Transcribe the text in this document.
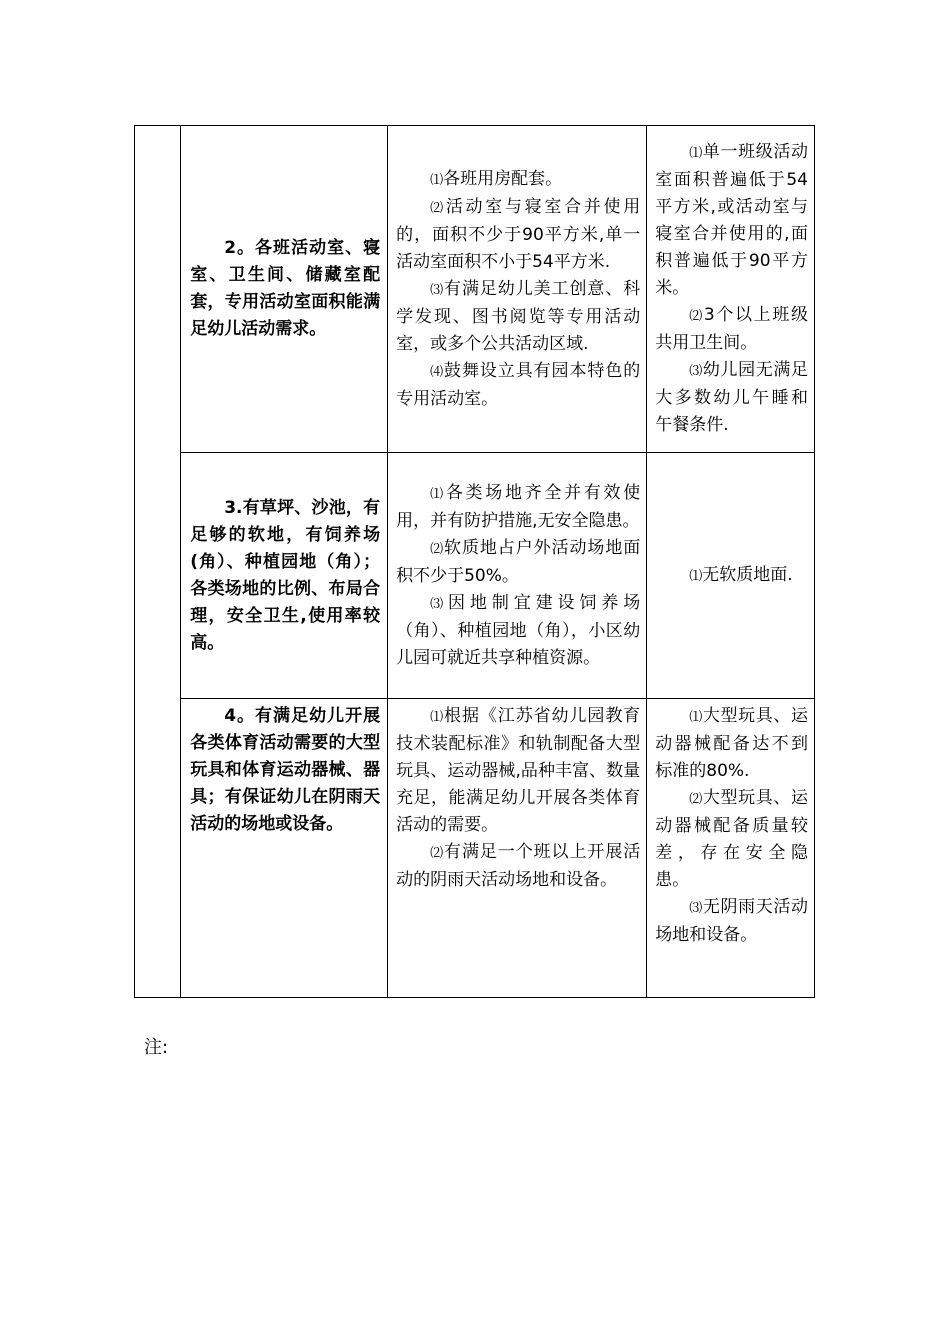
	2。各班活动室、寝室、卫生间、储藏室配套，专用活动室面积能满足幼儿活动需求。	⑴各班用房配套。
⑵活动室与寝室合并使用的，面积不少于90平方米,单一活动室面积不小于54平方米.
⑶有满足幼儿美工创意、科学发现、图书阅览等专用活动室，或多个公共活动区域.
⑷鼓舞设立具有园本特色的专用活动室。	⑴单一班级活动室面积普遍低于54平方米,或活动室与寝室合并使用的,面积普遍低于90平方米。
⑵3个以上班级共用卫生间。
⑶幼儿园无满足大多数幼儿午睡和午餐条件.

	3.有草坪、沙池，有足够的软地，有饲养场(角）、种植园地（角）；各类场地的比例、布局合理，安全卫生,使用率较高。	⑴各类场地齐全并有效使用，并有防护措施,无安全隐患。
⑵软质地占户外活动场地面积不少于50%。
⑶因地制宜建设饲养场（角）、种植园地（角），小区幼儿园可就近共享种植资源。	⑴无软质地面.

	4。有满足幼儿开展各类体育活动需要的大型玩具和体育运动器械、器具；有保证幼儿在阴雨天活动的场地或设备。	⑴根据《江苏省幼儿园教育技术装配标准》和轨制配备大型玩具、运动器械,品种丰富、数量充足，能满足幼儿开展各类体育活动的需要。
⑵有满足一个班以上开展活动的阴雨天活动场地和设备。	⑴大型玩具、运动器械配备达不到标准的80%.
⑵大型玩具、运动器械配备质量较差，存在安全隐患。
⑶无阴雨天活动场地和设备。
注:
